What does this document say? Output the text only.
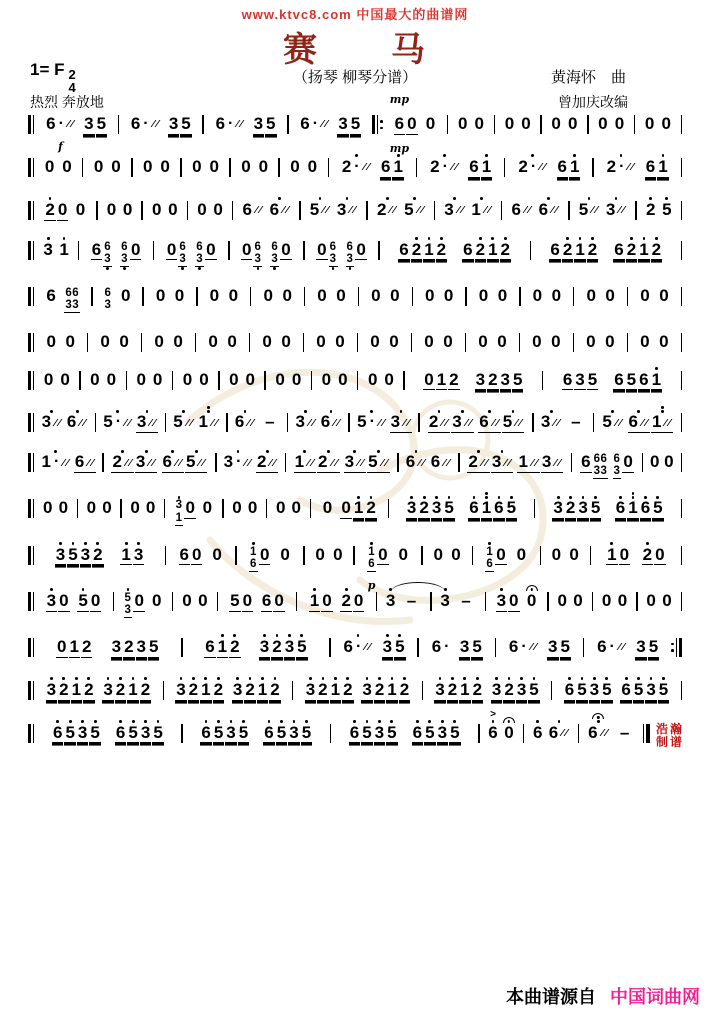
www.ktvc8.com 中国最大的曲谱网
赛　　马
1= F 2
4
（扬琴 柳琴分谱）	黄海怀　曲
热烈 奔放地	曾加庆改编
6 ·
f
3 5 6 · 3 5 6 · 3 5 6 · 3 5 6
mp
mp
0 0 0 0 0 0 0 0 0 0 0 0
0 0 0 0 0 0 0 0 0 0 0 0 2 · 6 1 2 · 6 1 2 · 6 1 2 · 6 1
2 0 0 0 0 0 0 0 0 6 6 5 3 2 5 3 1 6 6 5 3 2 5
3 1 6 6
3
6
3
0 0 6
3
6
3
0 0 6
3
6
3
0 0 6
3
6
3
0 6 2 1 2 6 2 1 2 6 2 1 2 6 2 1 2
6 66
33
6
3
0 0 0 0 0 0 0 0 0 0 0 0 0 0 0 0 0 0 0 0 0
0 0 0 0 0 0 0 0 0 0 0 0 0 0 0 0 0 0 0 0 0 0 0 0
0 0 0 0 0 0 0 0 0 0 0 0 0 0 0 0 0 1 2 3 2 3 5 6 3 5 6 5 6 1
3 6 5 · 3 5 1 6 – 3 6 5 · 3 2 3 6 5 3 – 5 6 1
1 · 6 2 3 6 5 3 · 2 1 2 3 5 6 6 2 3 1 3 6 66
33
6
3
0 0 0
0 0 0 0 0 0 3
1
0 0 0 0 0 0 0 0 1 2 3 2 3 5 6 1 6 5 3 2 3 5 6 1 6 5
3 5 3 2 1 3 6 0 0 1
6
0 0 0 0 1
6
p
0 0 0 0 1
6
0 0 0 0 1 0 2 0
3 0 5 0 5
3
0 0 0 0 5 0 6 0 1 0 2 0 3 – 3 – 3 0 0 0 0 0 0 0 0
0 1 2 3 2 3 5	6 1 2 3 2 3 5 6 · 3 5 6 · 3 5 6 · 3 5 6 · 3 5
3 2 1 2 3 2 1 2 3 2 1 2 3 2 1 2 3 2 1 2 3 2 1 2 3 2 1 2 3 2 3 5 6 5 3 5 6 5 3 5
6 5 3 5 6 5 3 5 6 5 3 5 6 5 3 5 6 5 3 5 6 5 3 5
>
6 0 6 6 6 – 浩瀚
制谱
本曲谱源自 中国词曲网
